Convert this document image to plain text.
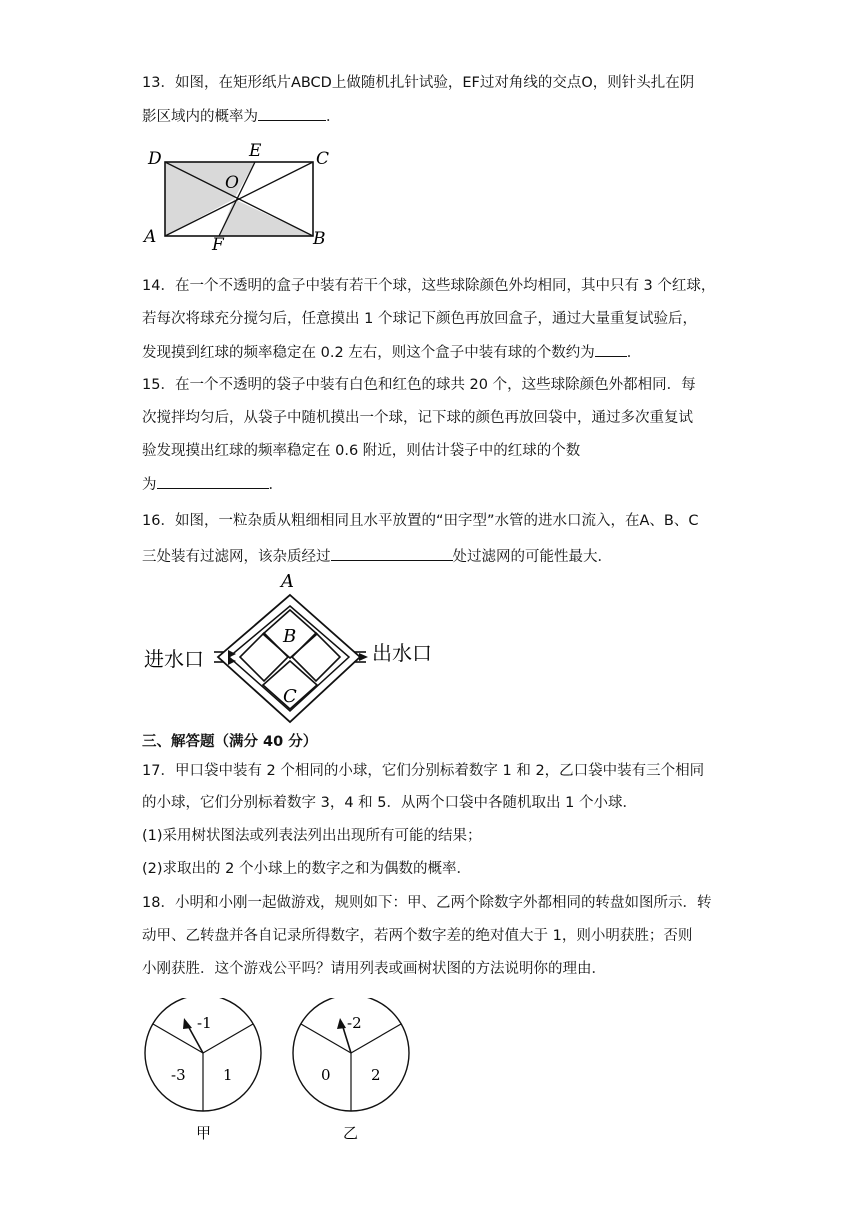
13．如图，在矩形纸片ABCD上做随机扎针试验，EF过对角线的交点O，则针头扎在阴
影区域内的概率为	．
D	E	C
O
A	F	B
14．在一个不透明的盒子中装有若干个球，这些球除颜色外均相同，其中只有 3 个红球，
若每次将球充分搅匀后，任意摸出 1 个球记下颜色再放回盒子，通过大量重复试验后，
发现摸到红球的频率稳定在 0.2 左右，则这个盒子中装有球的个数约为 ．
15．在一个不透明的袋子中装有白色和红色的球共 20 个，这些球除颜色外都相同．每
次搅拌均匀后，从袋子中随机摸出一个球，记下球的颜色再放回袋中，通过多次重复试
验发现摸出红球的频率稳定在 0.6 附近，则估计袋子中的红球的个数
为	．
16．如图，一粒杂质从粗细相同且水平放置的“田字型”水管的进水口流入，在A、B、C
三处装有过滤网，该杂质经过	处过滤网的可能性最大．
A
B
C
进水口	出水口
三、解答题（满分 40 分）
17．甲口袋中装有 2 个相同的小球，它们分别标着数字 1 和 2，乙口袋中装有三个相同
的小球，它们分别标着数字 3，4 和 5．从两个口袋中各随机取出 1 个小球．
(1)采用树状图法或列表法列出出现所有可能的结果；
(2)求取出的 2 个小球上的数字之和为偶数的概率．
18．小明和小刚一起做游戏，规则如下：甲、乙两个除数字外都相同的转盘如图所示．转
动甲、乙转盘并各自记录所得数字，若两个数字差的绝对值大于 1，则小明获胜；否则
小刚获胜．这个游戏公平吗？请用列表或画树状图的方法说明你的理由．
-1
-3 1
甲
-2
0	2
乙
